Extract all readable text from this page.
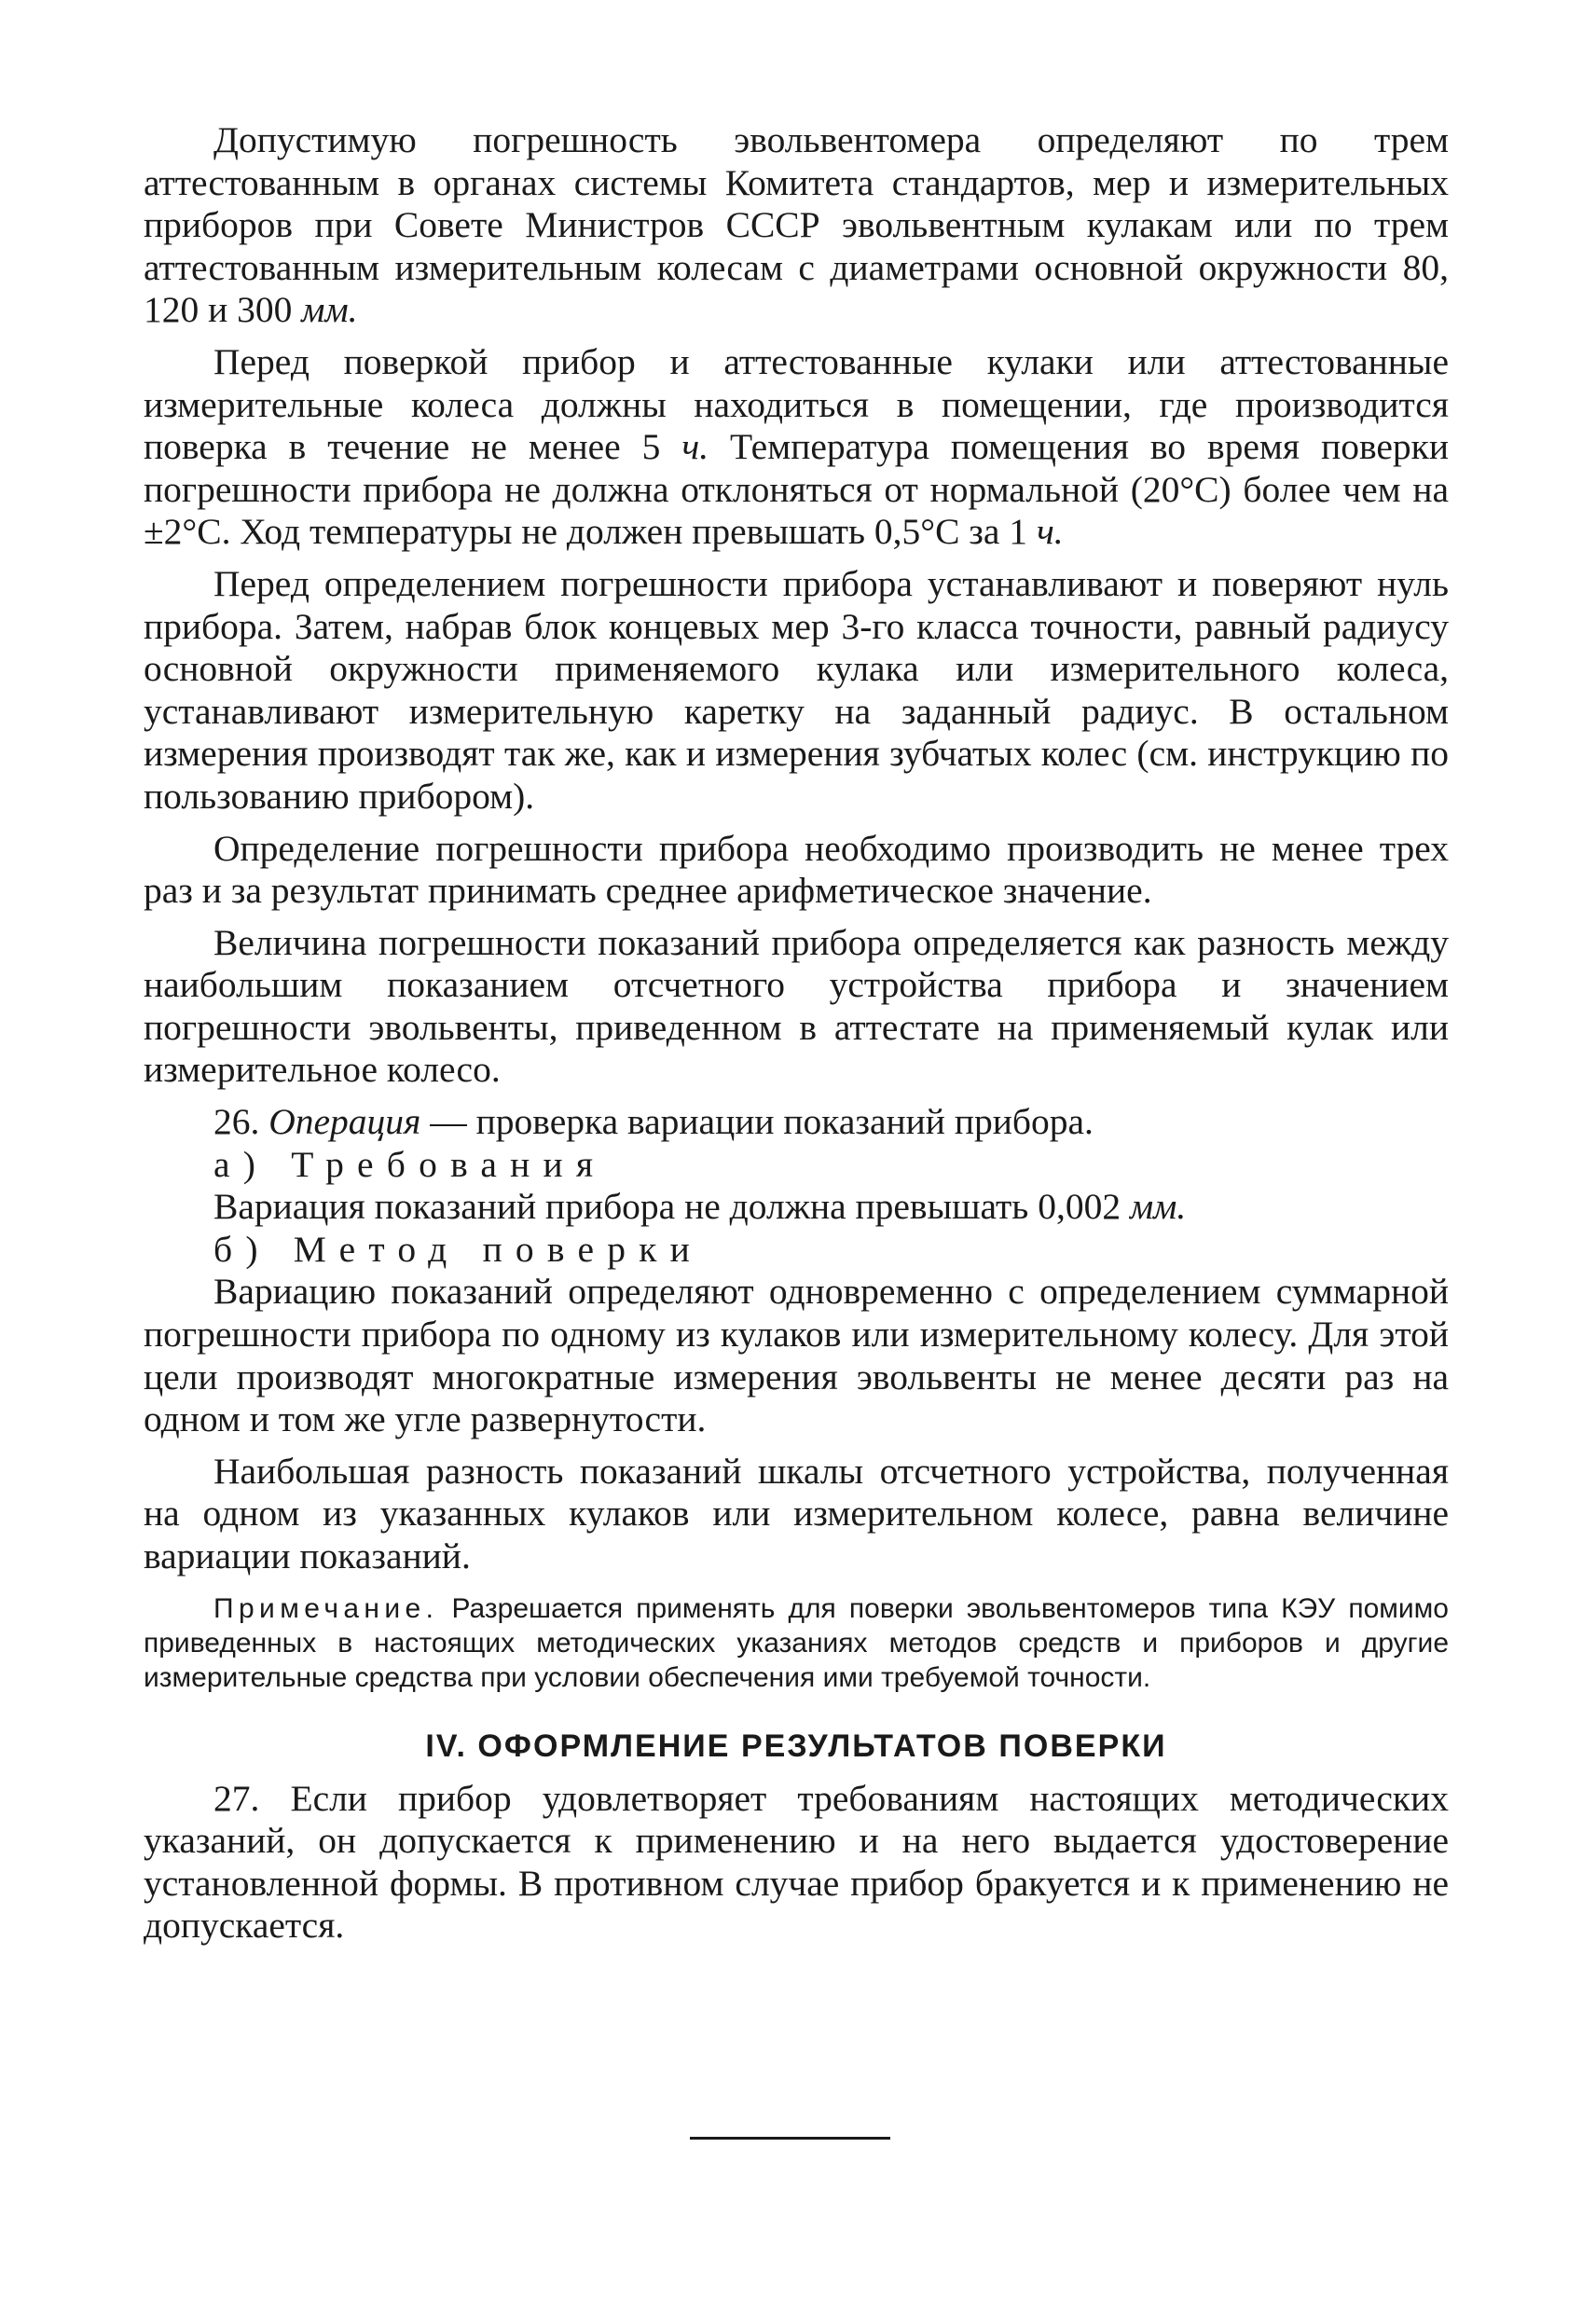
Допустимую погрешность эвольвентомера определяют по трем аттестованным в органах системы Комитета стандартов, мер и измерительных приборов при Совете Министров СССР эвольвентным кулакам или по трем аттестованным измерительным колесам с диаметрами основной окружности 80, 120 и 300 мм.

Перед поверкой прибор и аттестованные кулаки или аттестованные измерительные колеса должны находиться в помещении, где производится поверка в течение не менее 5 ч. Температура помещения во время поверки погрешности прибора не должна отклоняться от нормальной (20°С) более чем на ±2°С. Ход температуры не должен превышать 0,5°С за 1 ч.

Перед определением погрешности прибора устанавливают и поверяют нуль прибора. Затем, набрав блок концевых мер 3-го класса точности, равный радиусу основной окружности применяемого кулака или измерительного колеса, устанавливают измерительную каретку на заданный радиус. В остальном измерения производят так же, как и измерения зубчатых колес (см. инструкцию по пользованию прибором).

Определение погрешности прибора необходимо производить не менее трех раз и за результат принимать среднее арифметическое значение.

Величина погрешности показаний прибора определяется как разность между наибольшим показанием отсчетного устройства прибора и значением погрешности эвольвенты, приведенном в аттестате на применяемый кулак или измерительное колесо.

26. Операция — проверка вариации показаний прибора.

а) Требования

Вариация показаний прибора не должна превышать 0,002 мм.

б) Метод поверки

Вариацию показаний определяют одновременно с определением суммарной погрешности прибора по одному из кулаков или измерительному колесу. Для этой цели производят многократные измерения эвольвенты не менее десяти раз на одном и том же угле развернутости.

Наибольшая разность показаний шкалы отсчетного устройства, полученная на одном из указанных кулаков или измерительном колесе, равна величине вариации показаний.

Примечание. Разрешается применять для поверки эвольвентомеров типа КЭУ помимо приведенных в настоящих методических указаниях методов средств и приборов и другие измерительные средства при условии обеспечения ими требуемой точности.

IV. ОФОРМЛЕНИЕ РЕЗУЛЬТАТОВ ПОВЕРКИ

27. Если прибор удовлетворяет требованиям настоящих методических указаний, он допускается к применению и на него выдается удостоверение установленной формы. В противном случае прибор бракуется и к применению не допускается.
